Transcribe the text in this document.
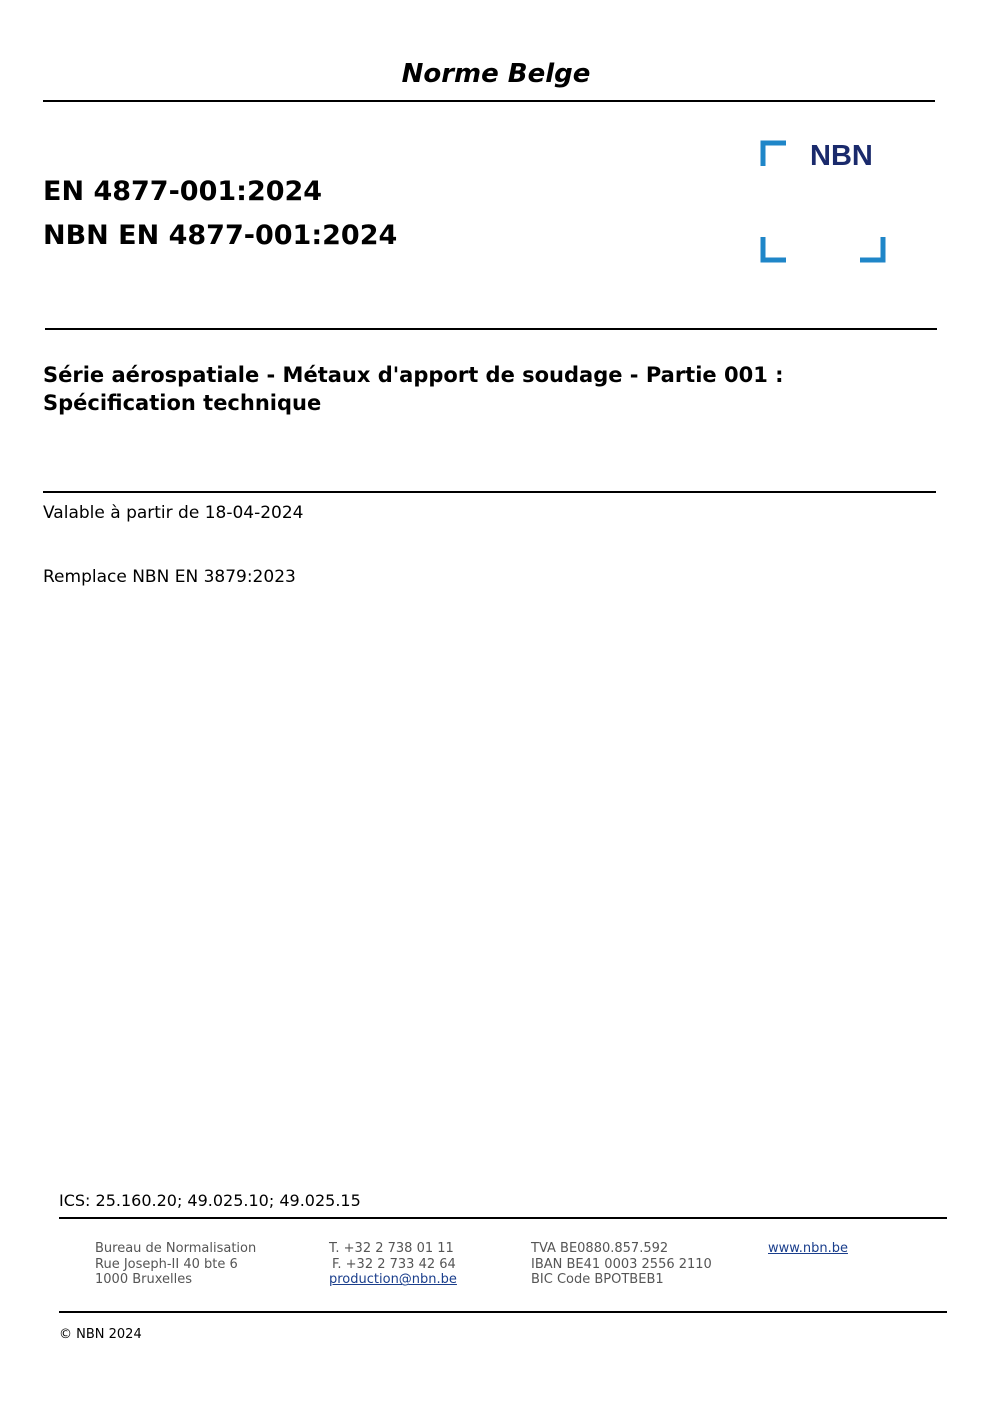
Norme Belge
EN 4877-001:2024
NBN EN 4877-001:2024
NBN
Série aérospatiale - Métaux d'apport de soudage - Partie 001 :
Spécification technique
Valable à partir de 18-04-2024
Remplace NBN EN 3879:2023
ICS: 25.160.20; 49.025.10; 49.025.15
Bureau de Normalisation
Rue Joseph-II 40 bte 6
1000 Bruxelles
T. +32 2 738 01 11
F. +32 2 733 42 64
production@nbn.be
TVA BE0880.857.592
IBAN BE41 0003 2556 2110
BIC Code BPOTBEB1
www.nbn.be
© NBN 2024
